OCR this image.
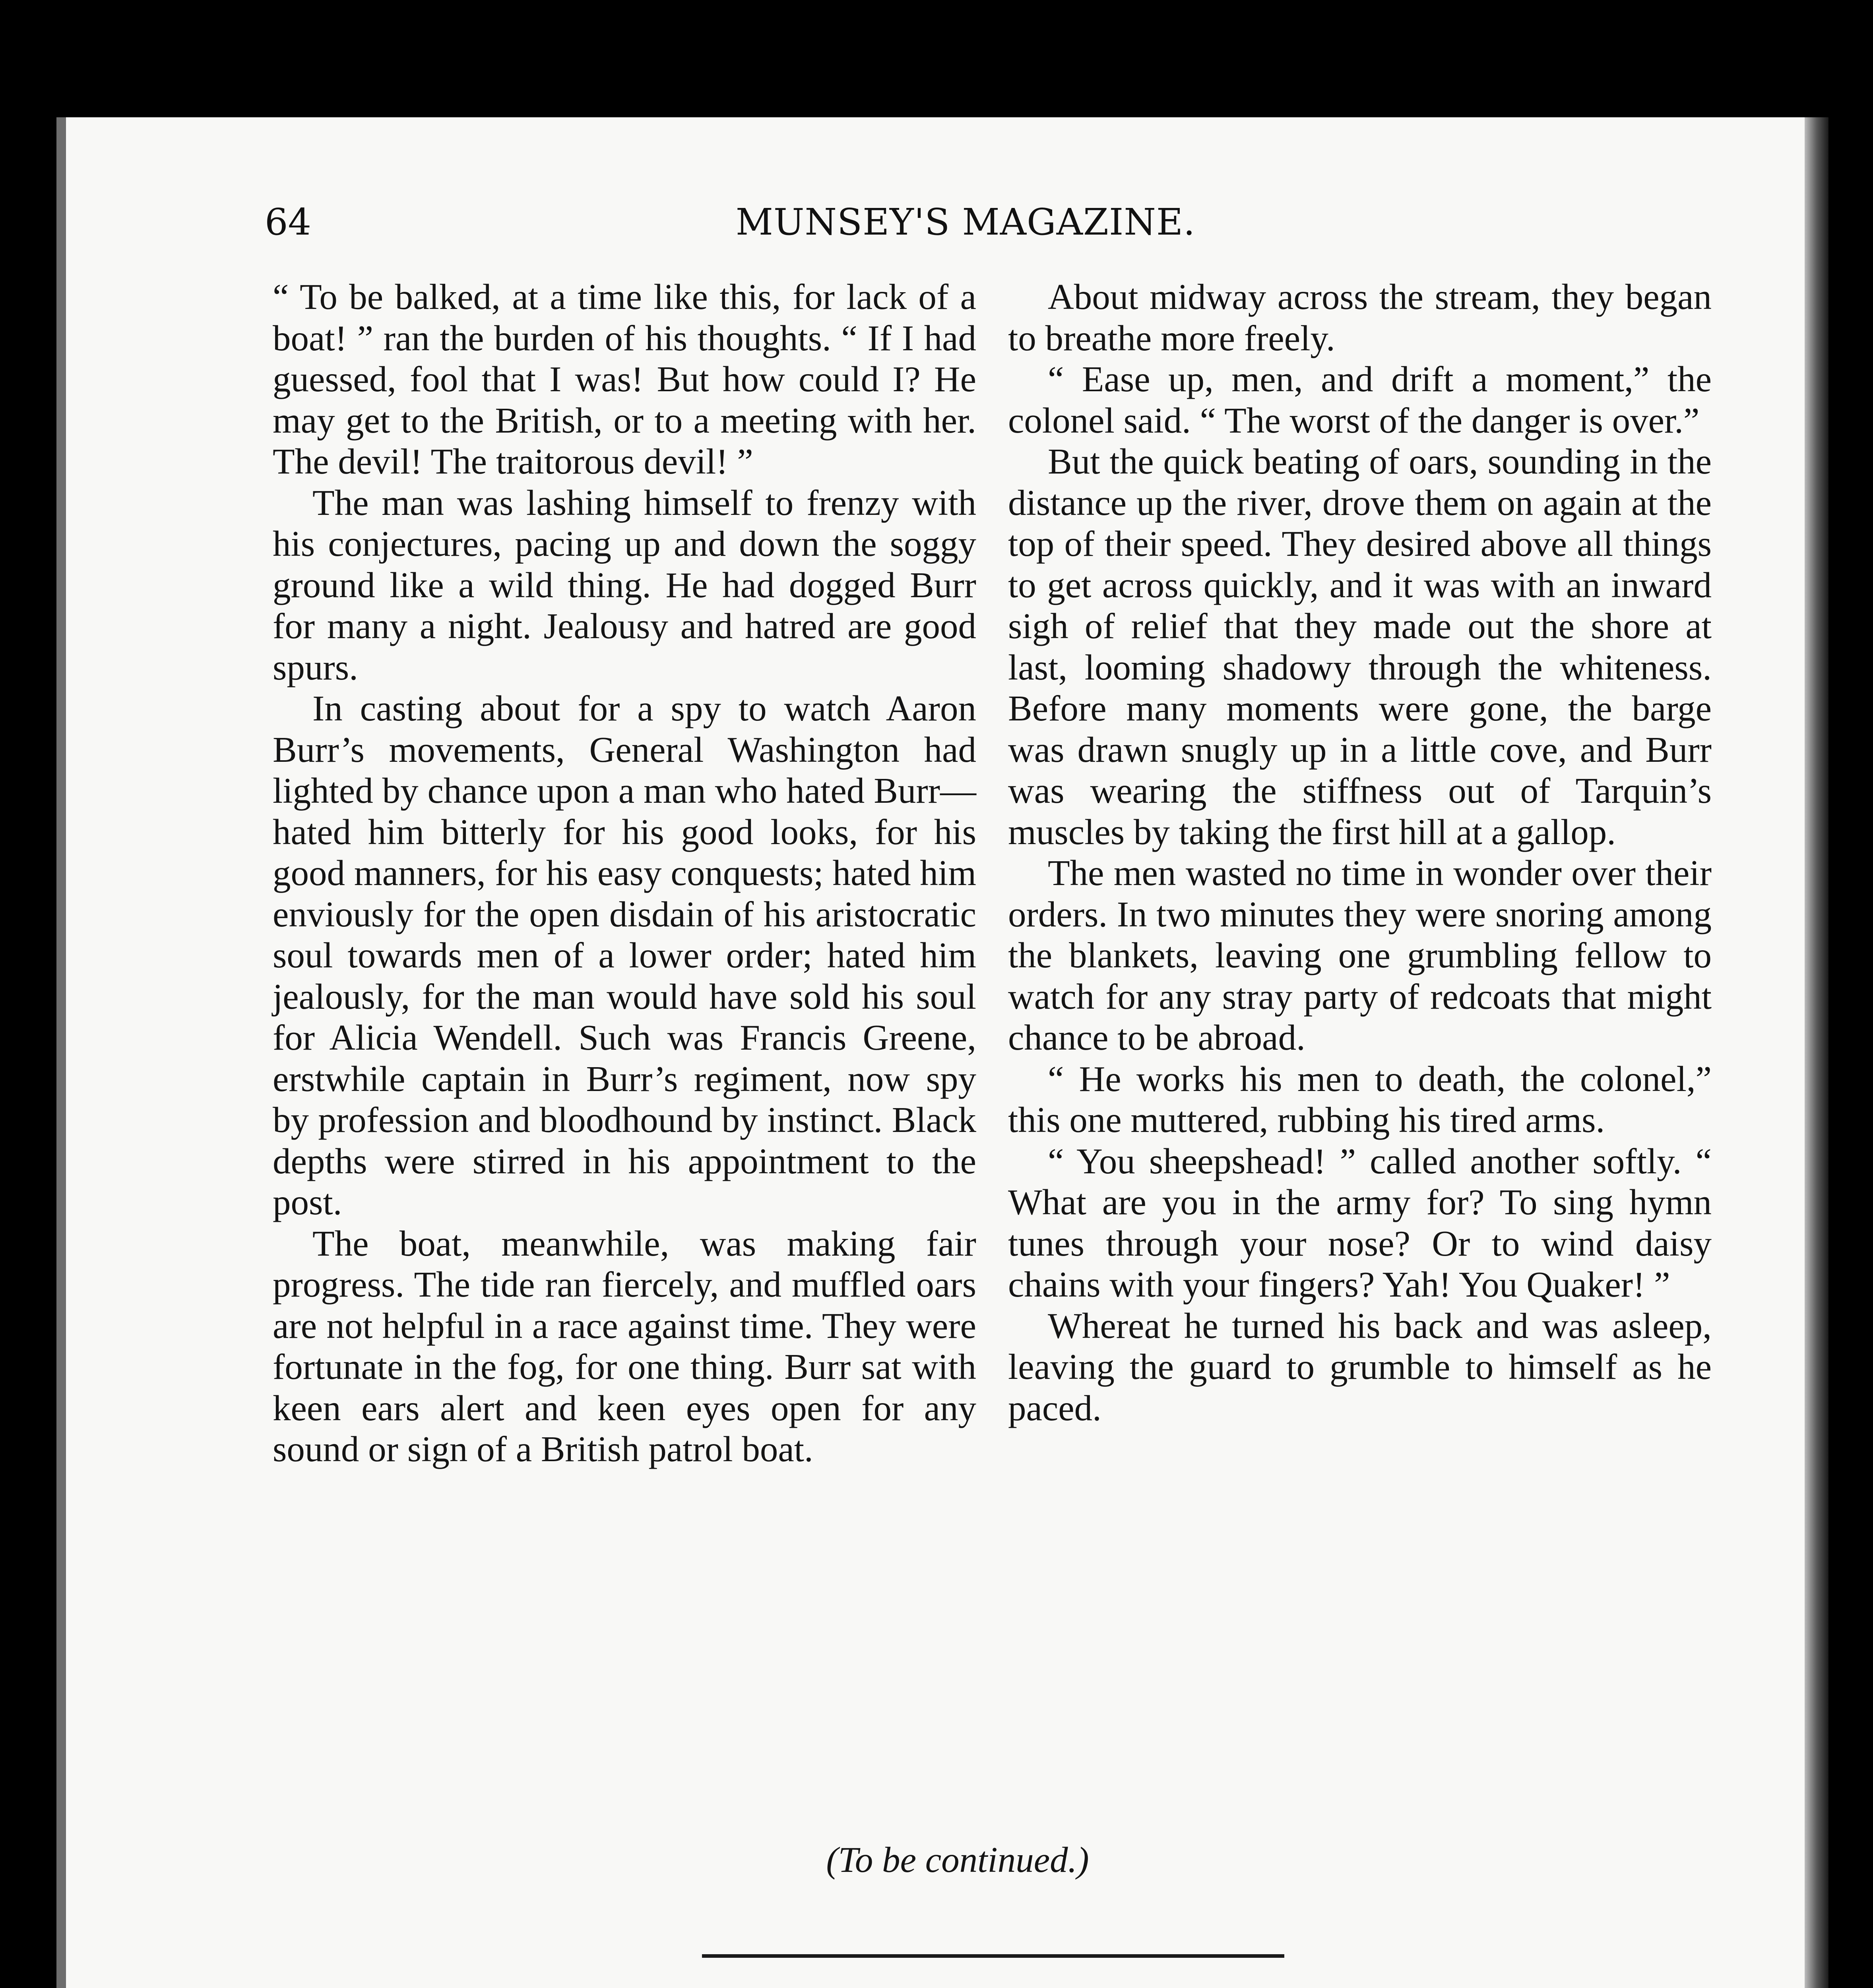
64	MUNSEY'S MAGAZINE.

“ To be balked, at a time like this, for lack of a boat! ” ran the burden of his thoughts. “ If I had guessed, fool that I was! But how could I? He may get to the British, or to a meeting with her. The devil! The traitorous devil! ”

The man was lashing himself to frenzy with his conjectures, pacing up and down the soggy ground like a wild thing. He had dogged Burr for many a night. Jealousy and hatred are good spurs.

In casting about for a spy to watch Aaron Burr’s movements, General Washington had lighted by chance upon a man who hated Burr—hated him bitterly for his good looks, for his good manners, for his easy conquests; hated him enviously for the open disdain of his aristocratic soul towards men of a lower order; hated him jealously, for the man would have sold his soul for Alicia Wendell. Such was Francis Greene, erstwhile captain in Burr’s regiment, now spy by profession and bloodhound by instinct. Black depths were stirred in his appointment to the post.

The boat, meanwhile, was making fair progress. The tide ran fiercely, and muffled oars are not helpful in a race against time. They were fortunate in the fog, for one thing. Burr sat with keen ears alert and keen eyes open for any sound or sign of a British patrol boat.

About midway across the stream, they began to breathe more freely.

“ Ease up, men, and drift a moment,” the colonel said. “ The worst of the danger is over.”

But the quick beating of oars, sounding in the distance up the river, drove them on again at the top of their speed. They desired above all things to get across quickly, and it was with an inward sigh of relief that they made out the shore at last, looming shadowy through the whiteness. Before many moments were gone, the barge was drawn snugly up in a little cove, and Burr was wearing the stiffness out of Tarquin’s muscles by taking the first hill at a gallop.

The men wasted no time in wonder over their orders. In two minutes they were snoring among the blankets, leaving one grumbling fellow to watch for any stray party of redcoats that might chance to be abroad.

“ He works his men to death, the colonel,” this one muttered, rubbing his tired arms.

“ You sheepshead! ” called another softly. “ What are you in the army for? To sing hymn tunes through your nose? Or to wind daisy chains with your fingers? Yah! You Quaker! ”

Whereat he turned his back and was asleep, leaving the guard to grumble to himself as he paced.

(To be continued.)
